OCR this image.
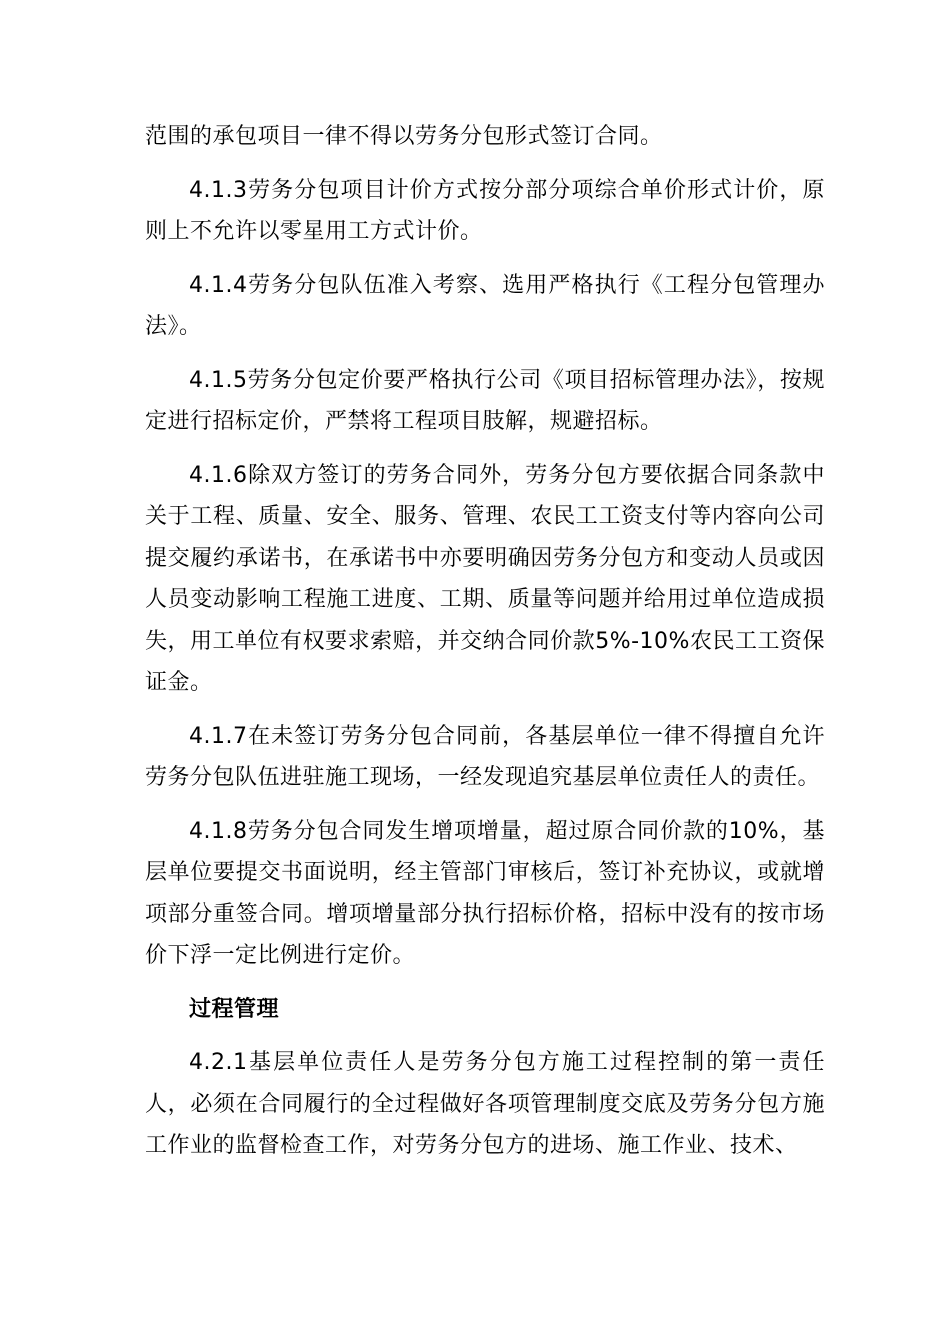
范围的承包项目一律不得以劳务分包形式签订合同。

4.1.3劳务分包项目计价方式按分部分项综合单价形式计价，原则上不允许以零星用工方式计价。

4.1.4劳务分包队伍准入考察、选用严格执行《工程分包管理办法》。

4.1.5劳务分包定价要严格执行公司《项目招标管理办法》，按规定进行招标定价，严禁将工程项目肢解，规避招标。

4.1.6除双方签订的劳务合同外，劳务分包方要依据合同条款中关于工程、质量、安全、服务、管理、农民工工资支付等内容向公司提交履约承诺书，在承诺书中亦要明确因劳务分包方和变动人员或因人员变动影响工程施工进度、工期、质量等问题并给用过单位造成损失，用工单位有权要求索赔，并交纳合同价款5%-10%农民工工资保证金。

4.1.7在未签订劳务分包合同前，各基层单位一律不得擅自允许劳务分包队伍进驻施工现场，一经发现追究基层单位责任人的责任。

4.1.8劳务分包合同发生增项增量，超过原合同价款的10%，基层单位要提交书面说明，经主管部门审核后，签订补充协议，或就增项部分重签合同。增项增量部分执行招标价格，招标中没有的按市场价下浮一定比例进行定价。

过程管理

4.2.1基层单位责任人是劳务分包方施工过程控制的第一责任人，必须在合同履行的全过程做好各项管理制度交底及劳务分包方施工作业的监督检查工作，对劳务分包方的进场、施工作业、技术、
